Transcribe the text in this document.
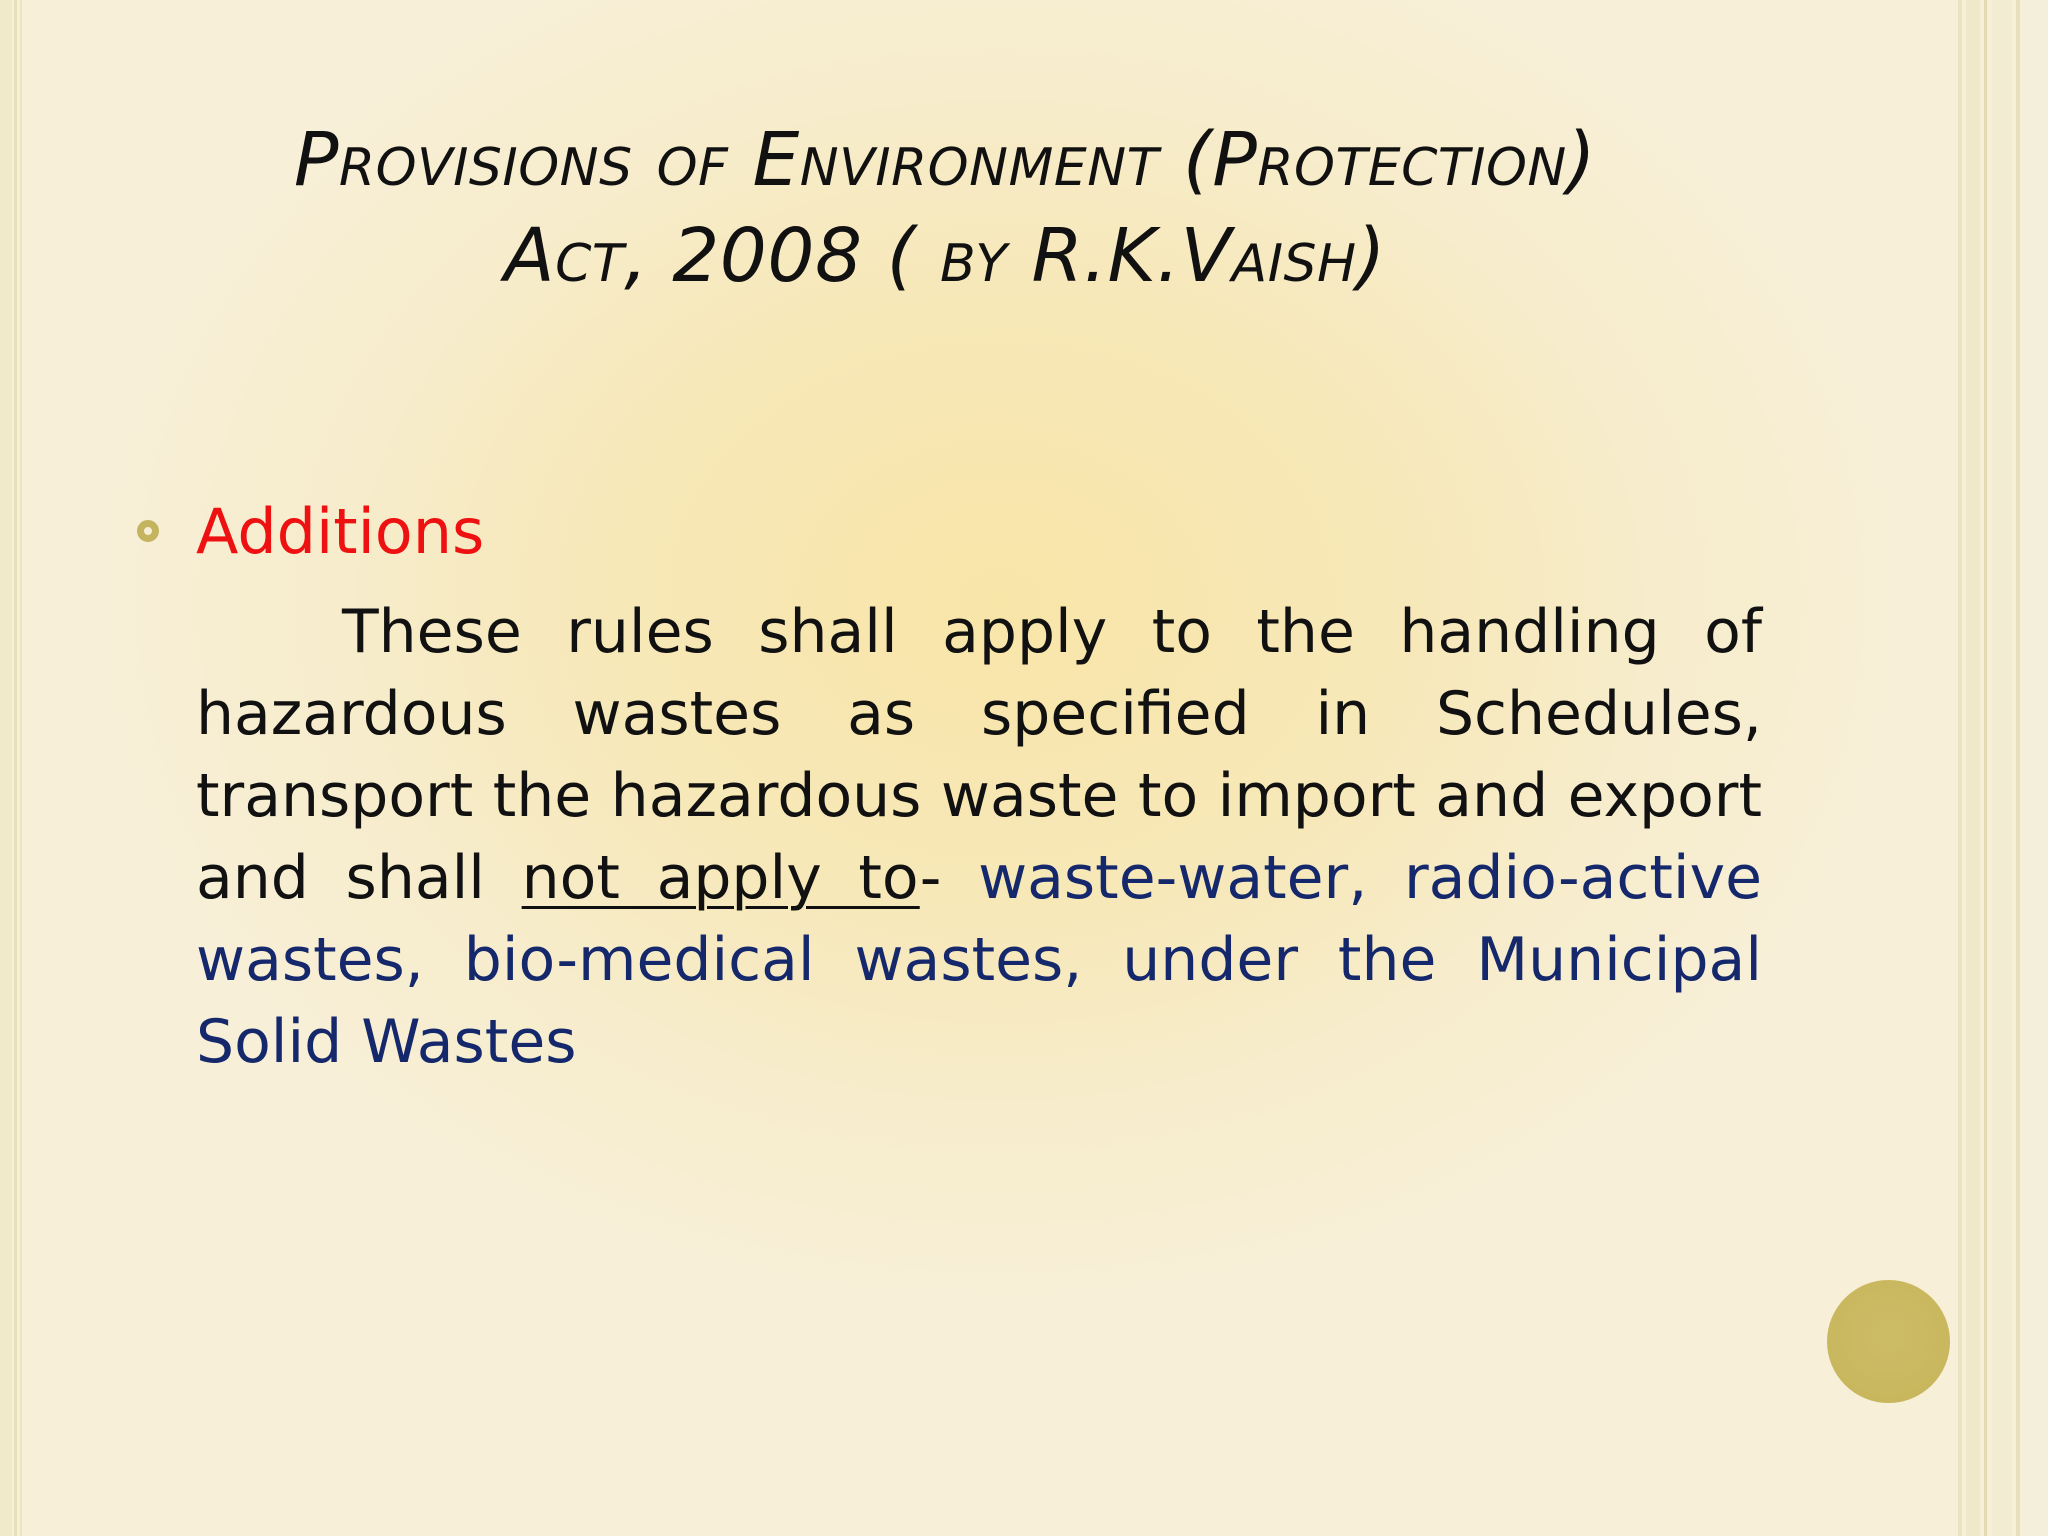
Provisions of Environment (Protection)
Act, 2008 ( by R.K.Vaish)
Additions
These rules shall apply to the handling of hazardous wastes as specified in Schedules, transport the hazardous waste to import and export and shall not apply to- waste-water, radio-active wastes, bio-medical wastes, under the Municipal Solid Wastes
